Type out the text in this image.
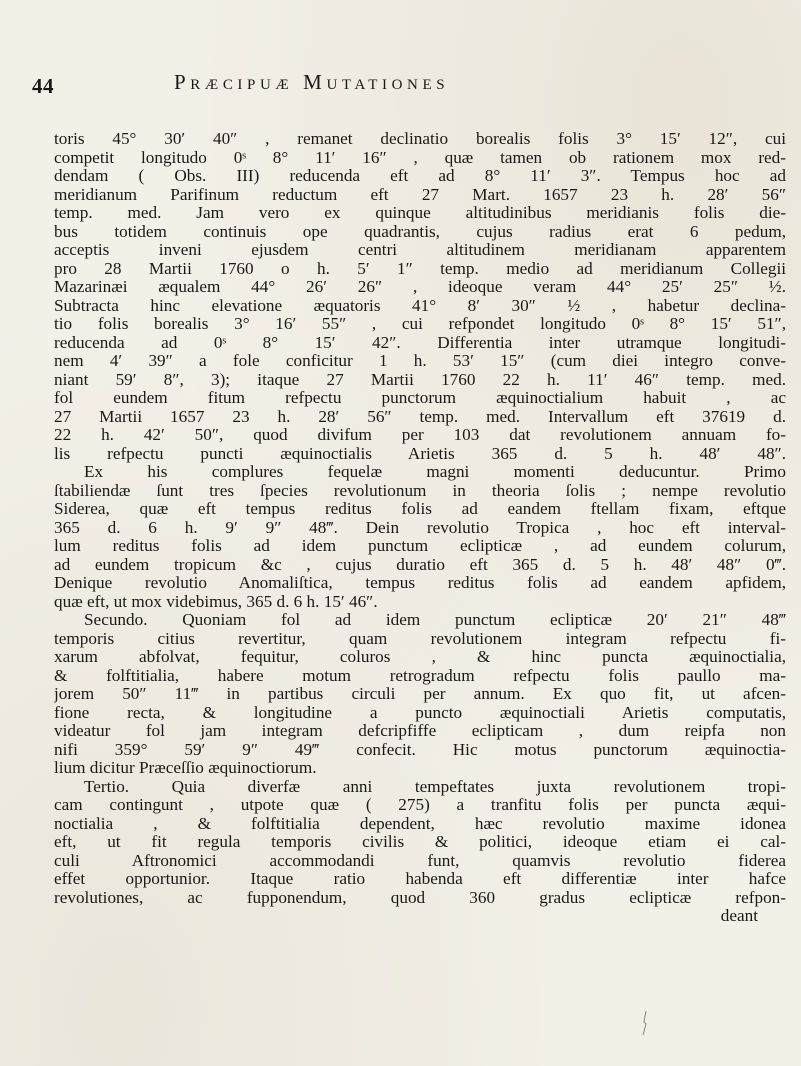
44	Præcipuæ Mutationes
toris 45° 30′ 40″ , remanet declinatio borealis folis 3° 15′ 12″, cui
competit longitudo 0ˢ 8° 11′ 16″ , quæ tamen ob rationem mox red-
dendam ( Obs. III) reducenda eft ad 8° 11′ 3″. Tempus hoc ad
meridianum Parifinum reductum eft 27 Mart. 1657 23 h. 28′ 56″
temp. med. Jam vero ex quinque altitudinibus meridianis folis die-
bus totidem continuis ope quadrantis, cujus radius erat 6 pedum,
acceptis inveni ejusdem centri altitudinem meridianam apparentem
pro 28 Martii 1760 o h. 5′ 1″ temp. medio ad meridianum Collegii
Mazarinæi æqualem 44° 26′ 26″ , ideoque veram 44° 25′ 25″ ½.
Subtracta hinc elevatione æquatoris 41° 8′ 30″ ½ , habetur declina-
tio folis borealis 3° 16′ 55″ , cui refpondet longitudo 0ˢ 8° 15′ 51″,
reducenda ad 0ˢ 8° 15′ 42″. Differentia inter utramque longitudi-
nem 4′ 39″ a fole conficitur 1 h. 53′ 15″ (cum diei integro conve-
niant 59′ 8″, 3); itaque 27 Martii 1760 22 h. 11′ 46″ temp. med.
fol eundem fitum refpectu punctorum æquinoctialium habuit , ac
27 Martii 1657 23 h. 28′ 56″ temp. med. Intervallum eft 37619 d.
22 h. 42′ 50″, quod divifum per 103 dat revolutionem annuam fo-
lis refpectu puncti æquinoctialis Arietis 365 d. 5 h. 48′ 48″.
Ex his complures fequelæ magni momenti deducuntur. Primo
ſtabiliendæ ſunt tres ſpecies revolutionum in theoria ſolis ; nempe revolutio
Siderea, quæ eft tempus reditus folis ad eandem ftellam fixam, eftque
365 d. 6 h. 9′ 9″ 48‴. Dein revolutio Tropica , hoc eft interval-
lum reditus folis ad idem punctum eclipticæ , ad eundem colurum,
ad eundem tropicum &c , cujus duratio eft 365 d. 5 h. 48′ 48″ 0‴.
Denique revolutio Anomaliſtica, tempus reditus folis ad eandem apfidem,
quæ eft, ut mox videbimus, 365 d. 6 h. 15′ 46″.
Secundo. Quoniam fol ad idem punctum eclipticæ 20′ 21″ 48‴
temporis citius revertitur, quam revolutionem integram refpectu fi-
xarum abfolvat, fequitur, coluros , & hinc puncta æquinoctialia,
& folftitialia, habere motum retrogradum refpectu folis paullo ma-
jorem 50″ 11‴ in partibus circuli per annum. Ex quo fit, ut afcen-
fione recta, & longitudine a puncto æquinoctiali Arietis computatis,
videatur fol jam integram defcripfiffe eclipticam , dum reipfa non
nifi 359° 59′ 9″ 49‴ confecit. Hic motus punctorum æquinoctia-
lium dicitur Præceſſio æquinoctiorum.
Tertio. Quia diverfæ anni tempeftates juxta revolutionem tropi-
cam contingunt , utpote quæ ( 275) a tranfitu folis per puncta æqui-
noctialia , & folftitialia dependent, hæc revolutio maxime idonea
eft, ut fit regula temporis civilis & politici, ideoque etiam ei cal-
culi Aftronomici accommodandi funt, quamvis revolutio fiderea
effet opportunior. Itaque ratio habenda eft differentiæ inter hafce
revolutiones, ac fupponendum, quod 360 gradus eclipticæ refpon-
deant
